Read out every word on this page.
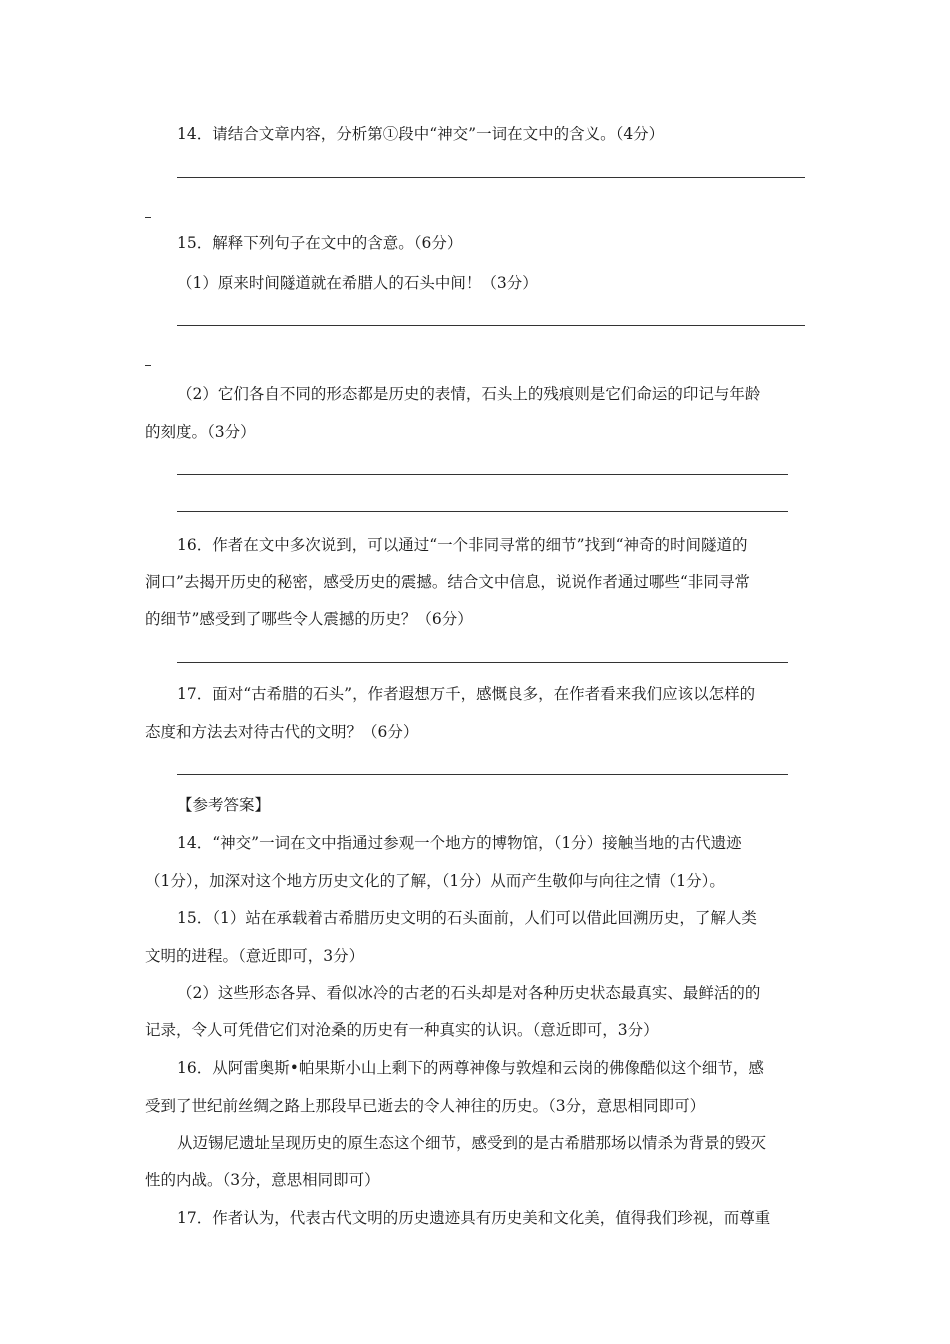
14．请结合文章内容，分析第①段中“神交”一词在文中的含义。（4分）
15．解释下列句子在文中的含意。（6分）
（1）原来时间隧道就在希腊人的石头中间！（3分）
（2）它们各自不同的形态都是历史的表情，石头上的残痕则是它们命运的印记与年龄
的刻度。（3分）
16．作者在文中多次说到，可以通过“一个非同寻常的细节”找到“神奇的时间隧道的
洞口”去揭开历史的秘密，感受历史的震撼。结合文中信息，说说作者通过哪些“非同寻常
的细节”感受到了哪些令人震撼的历史？（6分）
17．面对“古希腊的石头”，作者遐想万千，感慨良多，在作者看来我们应该以怎样的
态度和方法去对待古代的文明？（6分）
【参考答案】
14．“神交”一词在文中指通过参观一个地方的博物馆，（1分）接触当地的古代遗迹
（1分），加深对这个地方历史文化的了解，（1分）从而产生敬仰与向往之情（1分）。
15．（1）站在承载着古希腊历史文明的石头面前，人们可以借此回溯历史，了解人类
文明的进程。（意近即可，3分）
（2）这些形态各异、看似冰冷的古老的石头却是对各种历史状态最真实、最鲜活的的
记录，令人可凭借它们对沧桑的历史有一种真实的认识。（意近即可，3分）
16．从阿雷奥斯•帕果斯小山上剩下的两尊神像与敦煌和云岗的佛像酷似这个细节，感
受到了世纪前丝绸之路上那段早已逝去的令人神往的历史。（3分，意思相同即可）
从迈锡尼遗址呈现历史的原生态这个细节，感受到的是古希腊那场以情杀为背景的毁灭
性的内战。（3分，意思相同即可）
17．作者认为，代表古代文明的历史遗迹具有历史美和文化美，值得我们珍视，而尊重
